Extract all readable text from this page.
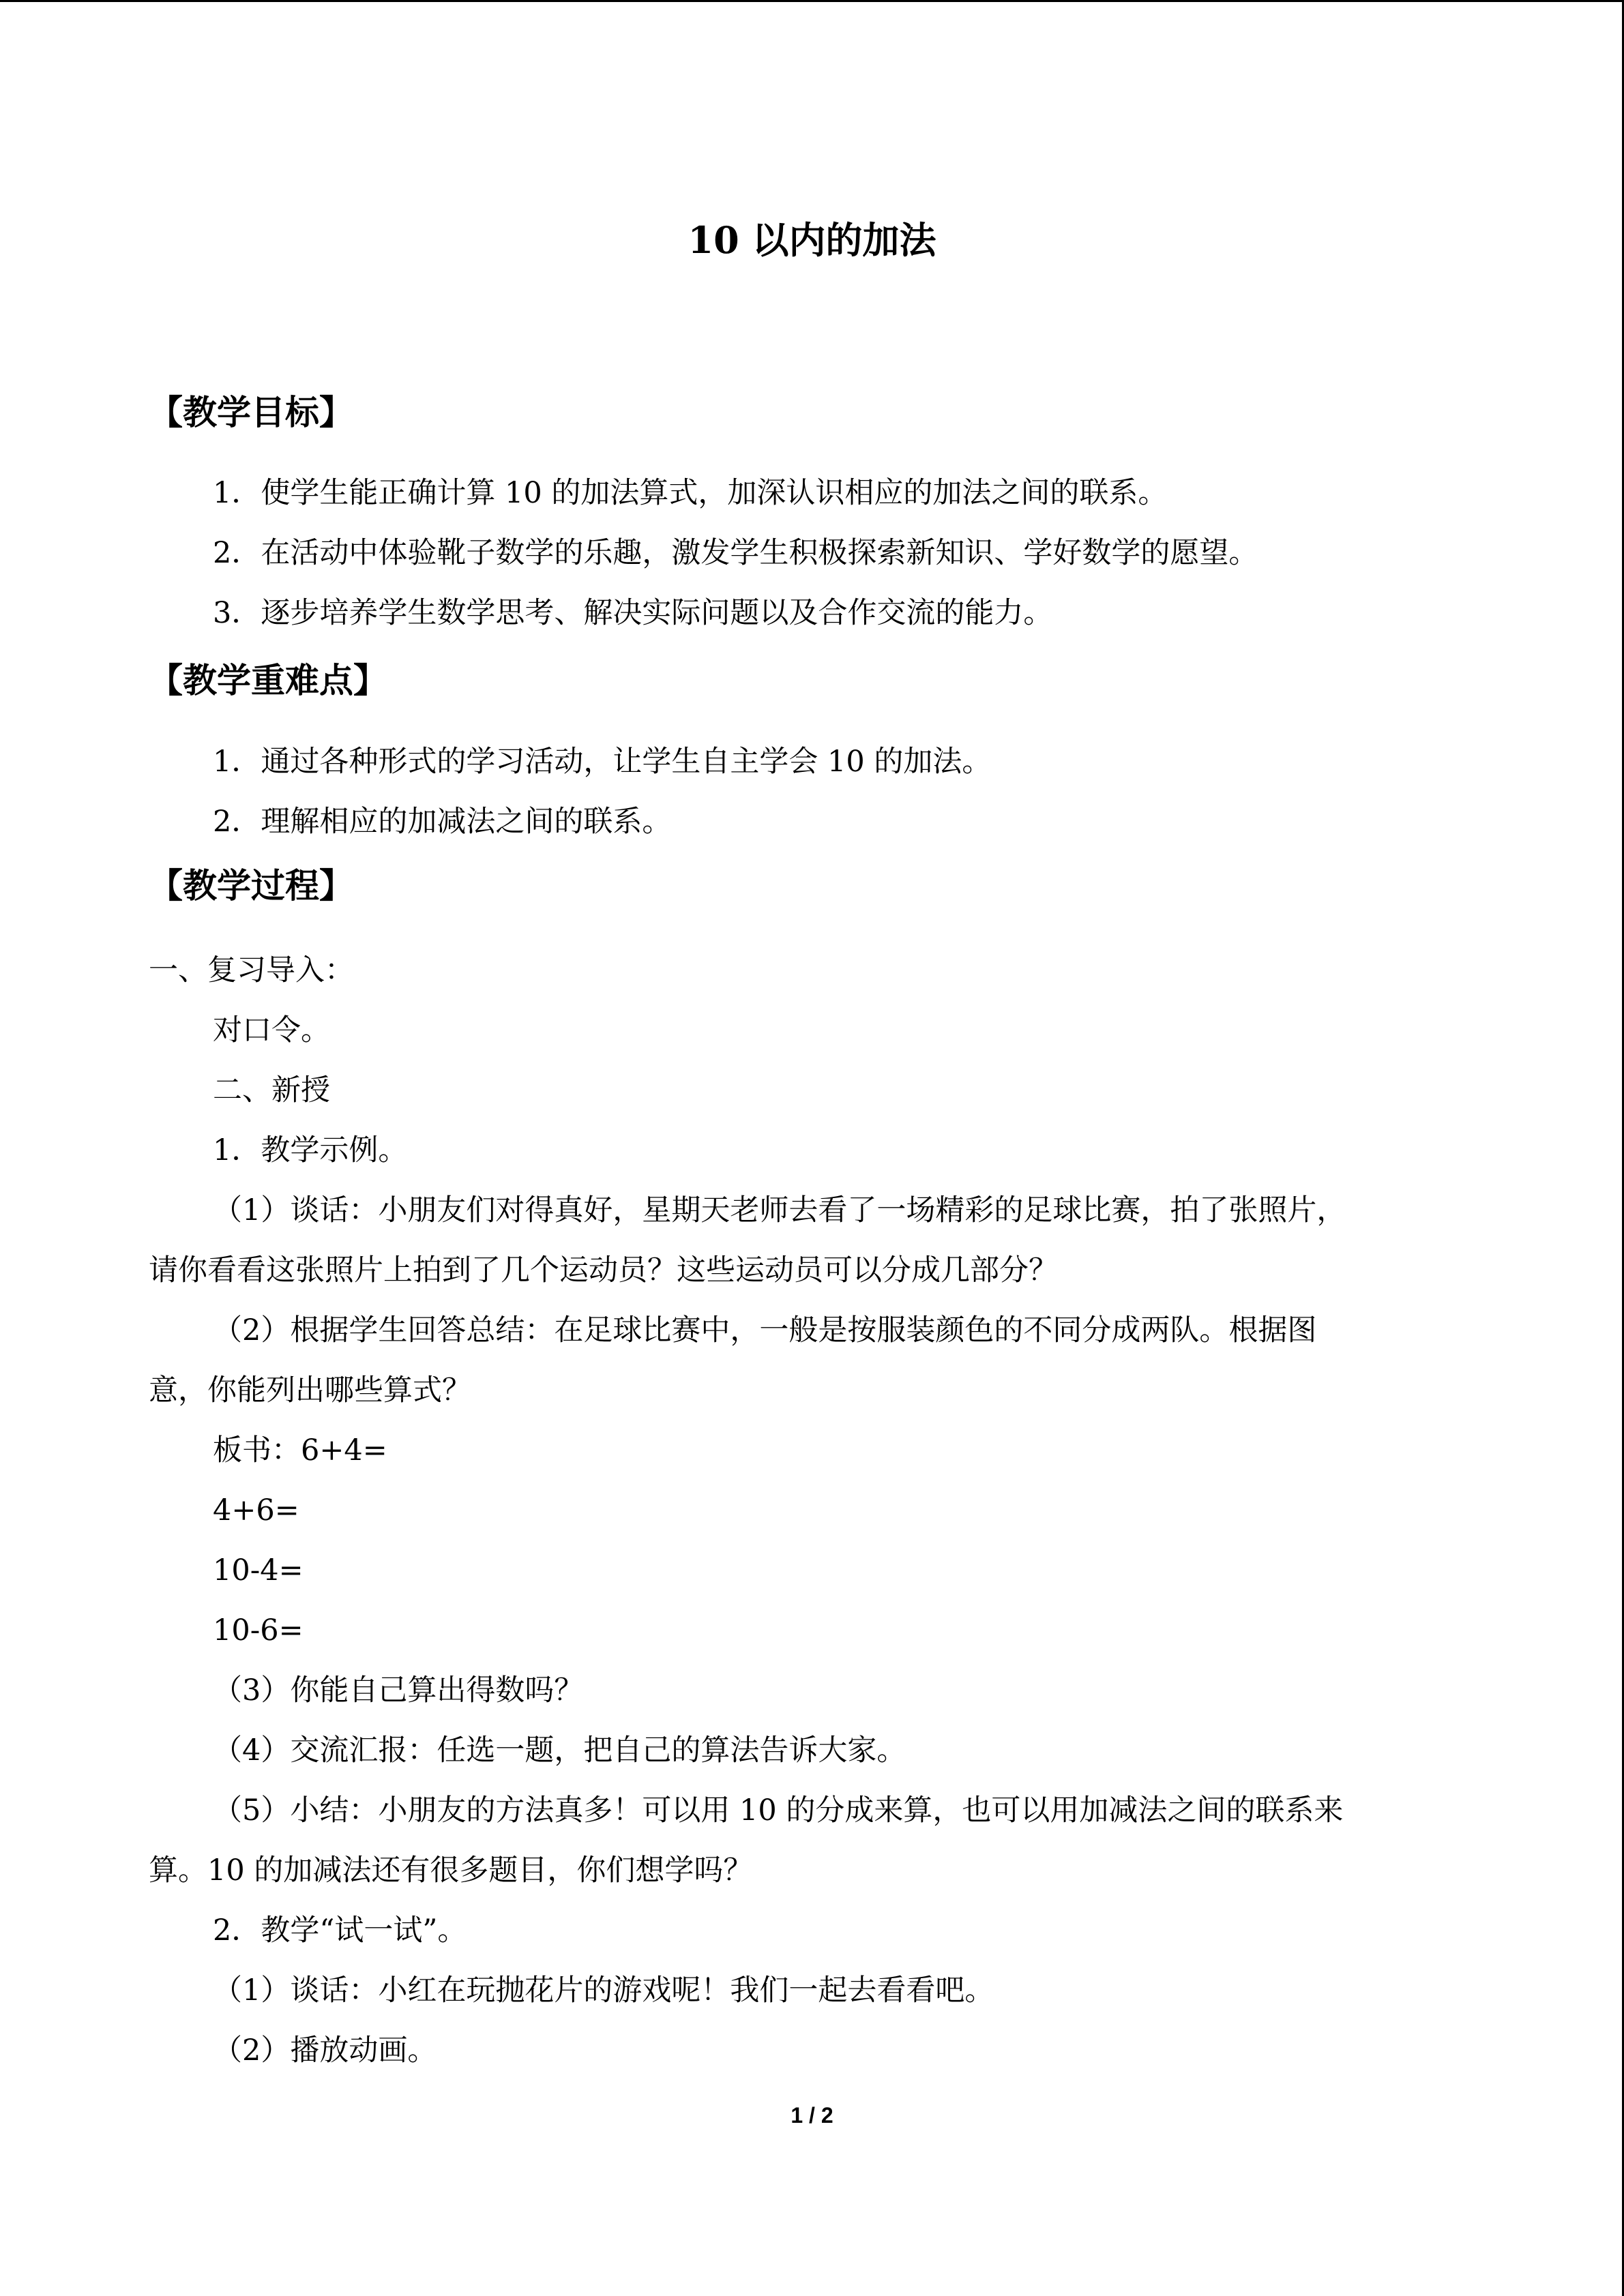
10 以内的加法
【教学目标】
1．使学生能正确计算 10 的加法算式，加深认识相应的加法之间的联系。
2．在活动中体验靴子数学的乐趣，激发学生积极探索新知识、学好数学的愿望。
3．逐步培养学生数学思考、解决实际问题以及合作交流的能力。
【教学重难点】
1．通过各种形式的学习活动，让学生自主学会 10 的加法。
2．理解相应的加减法之间的联系。
【教学过程】
一、复习导入：
对口令。
二、新授
1．教学示例。
（1）谈话：小朋友们对得真好，星期天老师去看了一场精彩的足球比赛，拍了张照片，
请你看看这张照片上拍到了几个运动员？这些运动员可以分成几部分？
（2）根据学生回答总结：在足球比赛中，一般是按服装颜色的不同分成两队。根据图
意，你能列出哪些算式？
板书：6+4=
4+6=
10-4=
10-6=
（3）你能自己算出得数吗？
（4）交流汇报：任选一题，把自己的算法告诉大家。
（5）小结：小朋友的方法真多！可以用 10 的分成来算，也可以用加减法之间的联系来
算。10 的加减法还有很多题目，你们想学吗？
2．教学“试一试”。
（1）谈话：小红在玩抛花片的游戏呢！我们一起去看看吧。
（2）播放动画。
1 / 2
